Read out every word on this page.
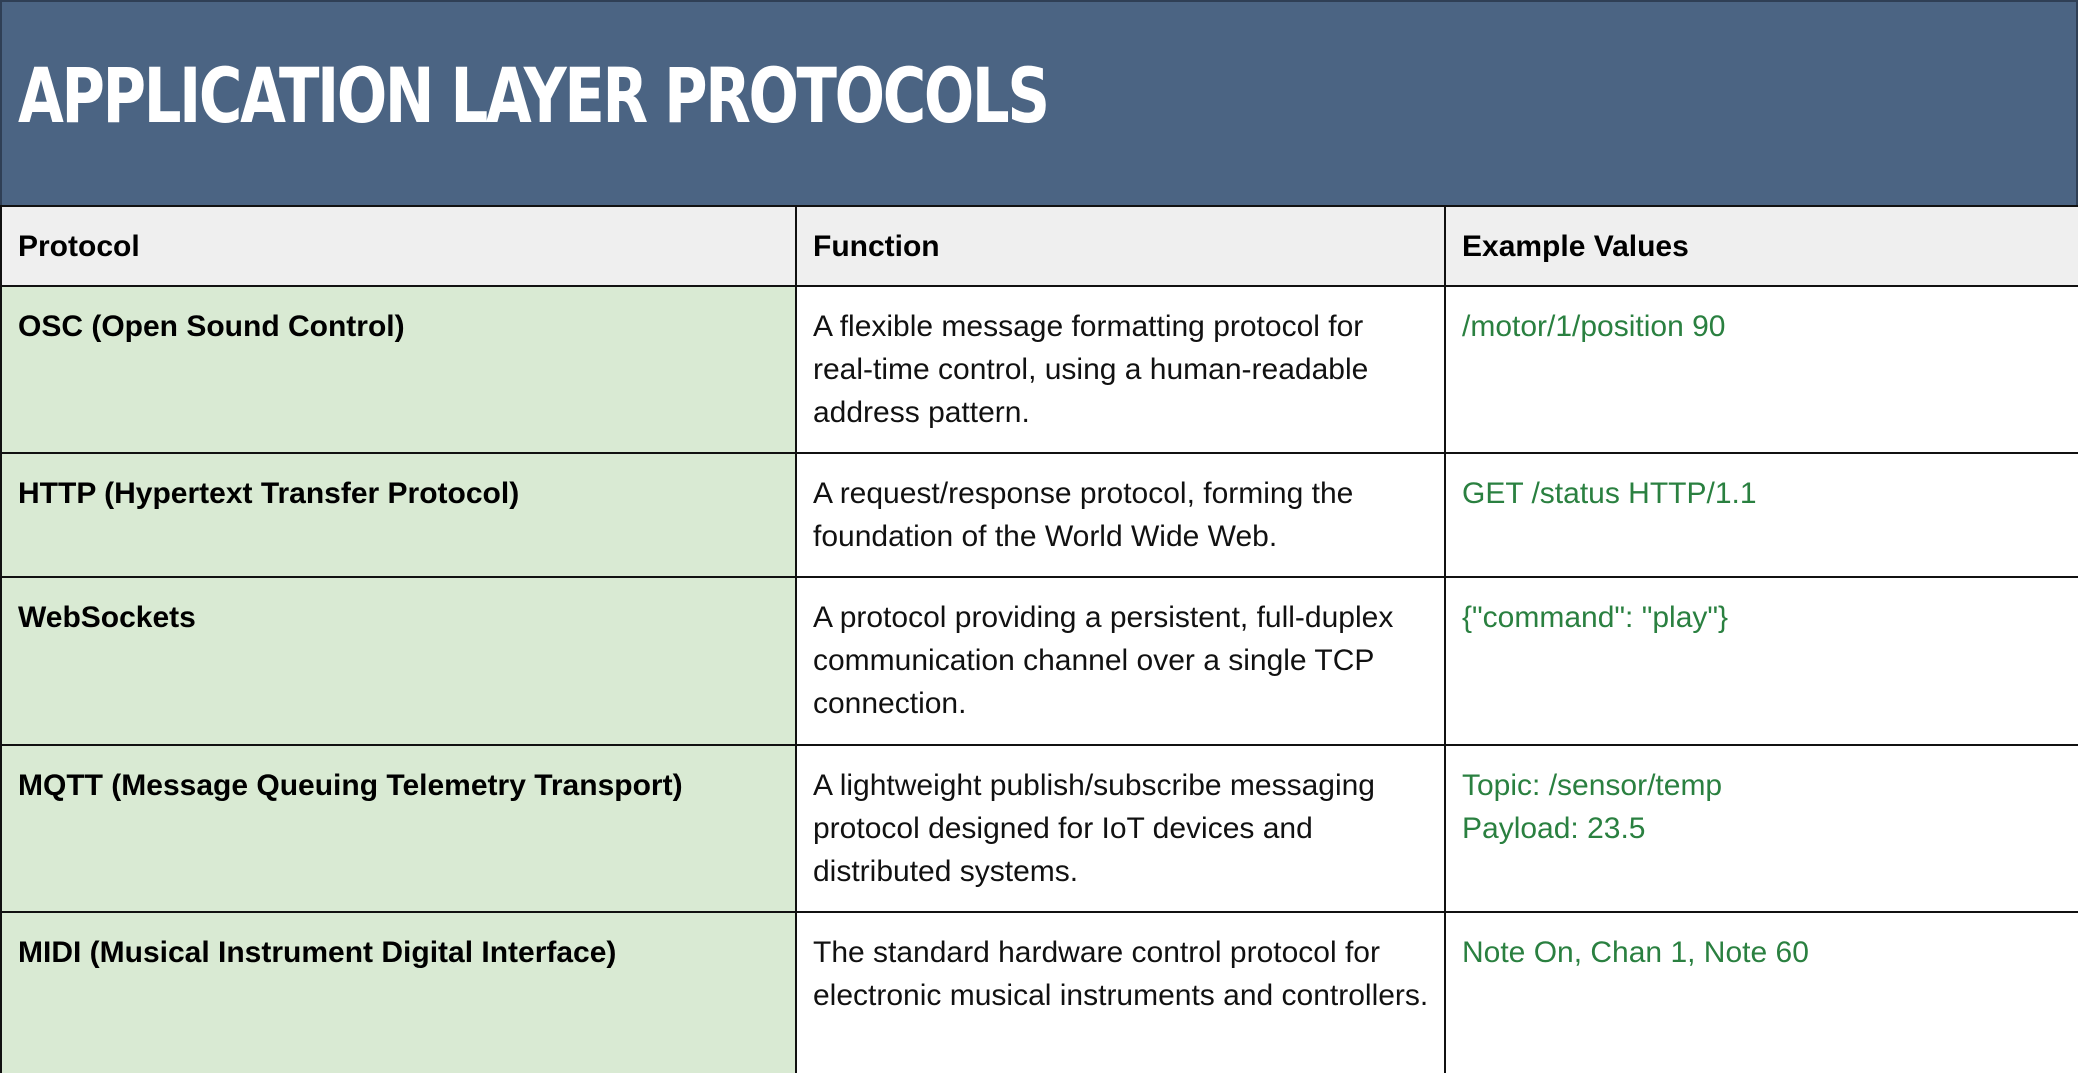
APPLICATION LAYER PROTOCOLS
Protocol	Function	Example Values
OSC (Open Sound Control)	A flexible message formatting protocol for real-time control, using a human-readable address pattern.	/motor/1/position 90

HTTP (Hypertext Transfer Protocol)	A request/response protocol, forming the foundation of the World Wide Web.	GET /status HTTP/1.1

WebSockets	A protocol providing a persistent, full-duplex communication channel over a single TCP connection.	{"command": "play"}

MQTT (Message Queuing Telemetry Transport)	A lightweight publish/subscribe messaging protocol designed for IoT devices and distributed systems.	Topic: /sensor/temp
Payload: 23.5

MIDI (Musical Instrument Digital Interface)	The standard hardware control protocol for electronic musical instruments and controllers.	Note On, Chan 1, Note 60
